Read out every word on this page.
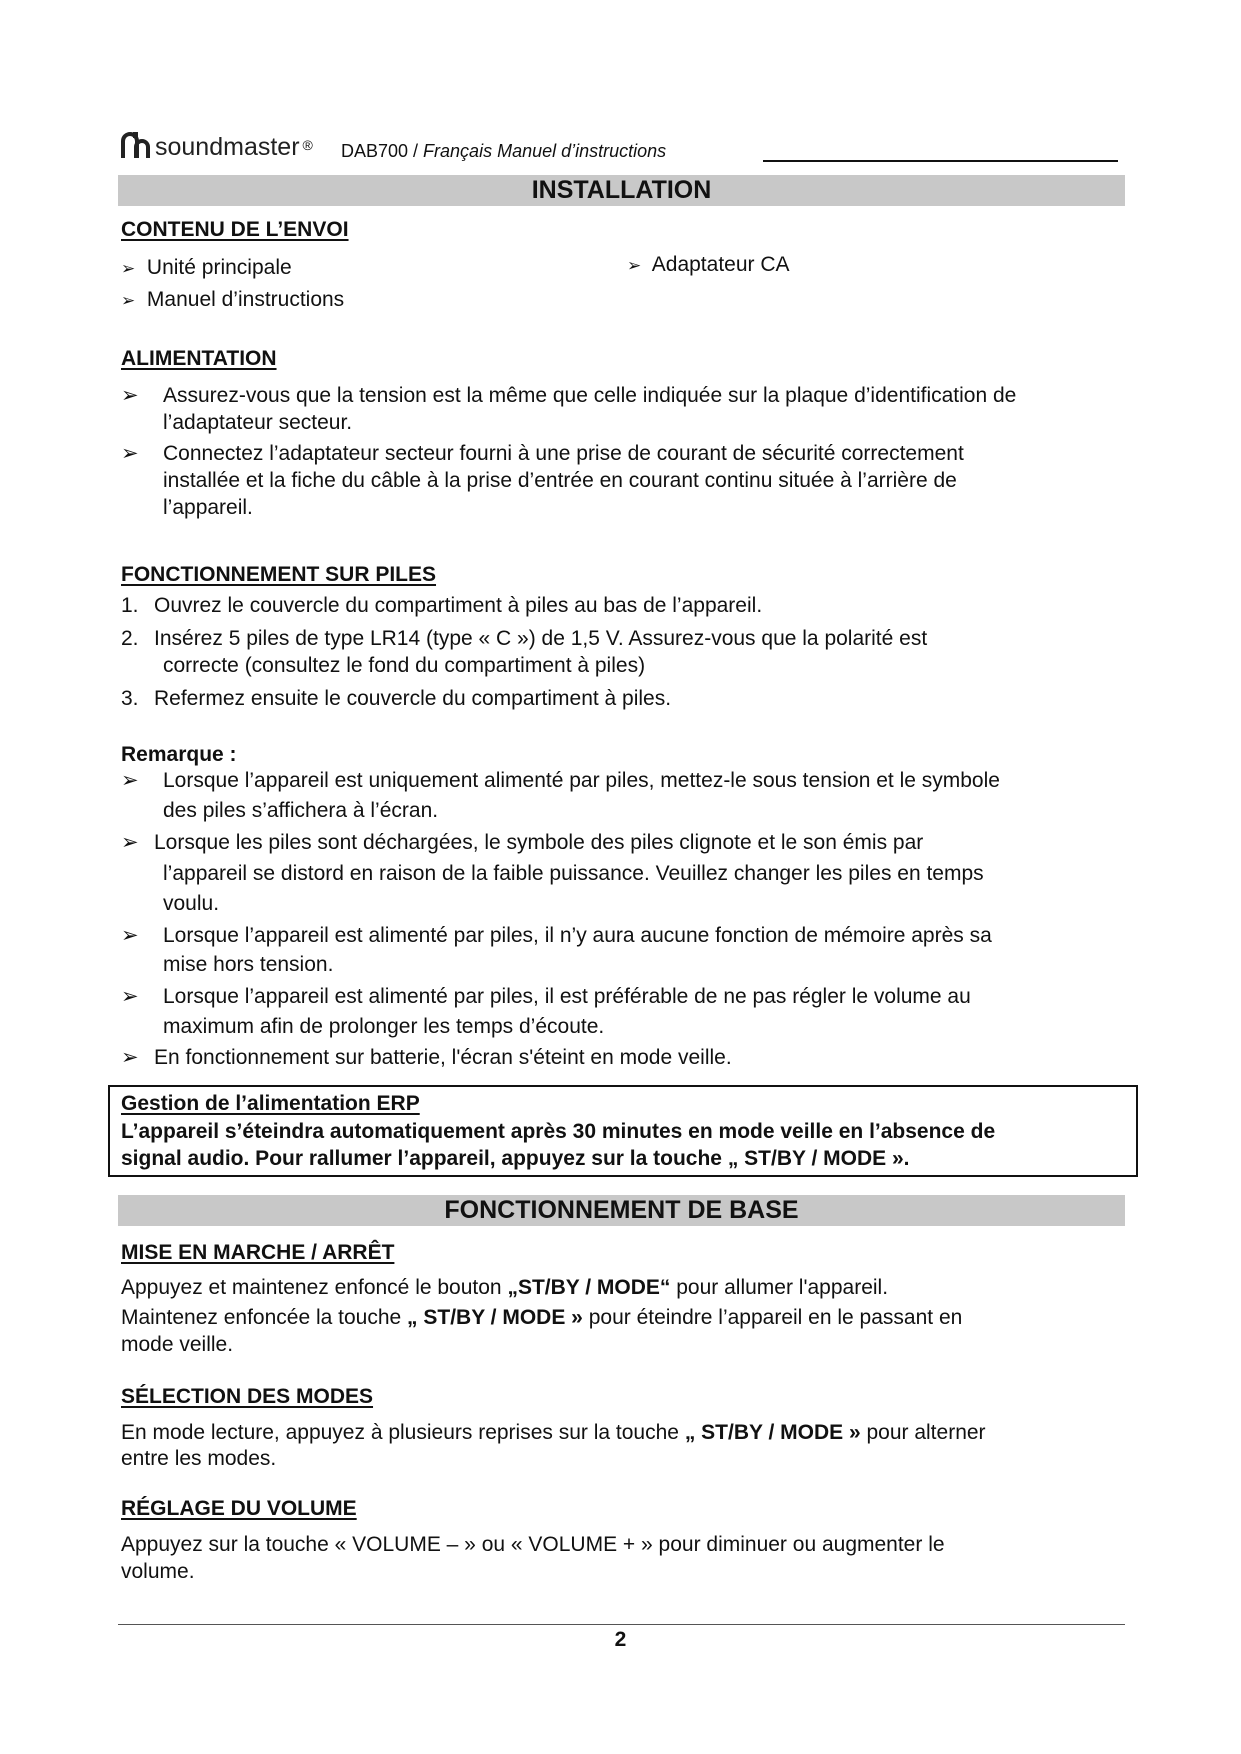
soundmaster ® DAB700 / Français Manuel d’instructions
INSTALLATION
CONTENU DE L’ENVOI
➢ Unité principale
➢ Manuel d’instructions
➢ Adaptateur CA
ALIMENTATION
➢ Assurez-vous que la tension est la même que celle indiquée sur la plaque d’identification de
l’adaptateur secteur.
➢ Connectez l’adaptateur secteur fourni à une prise de courant de sécurité correctement
installée et la fiche du câble à la prise d’entrée en courant continu située à l’arrière de
l’appareil.
FONCTIONNEMENT SUR PILES
1. Ouvrez le couvercle du compartiment à piles au bas de l’appareil.
2. Insérez 5 piles de type LR14 (type « C ») de 1,5 V. Assurez-vous que la polarité est
correcte (consultez le fond du compartiment à piles)
3. Refermez ensuite le couvercle du compartiment à piles.
Remarque :
➢ Lorsque l’appareil est uniquement alimenté par piles, mettez-le sous tension et le symbole
des piles s’affichera à l’écran.
➢ Lorsque les piles sont déchargées, le symbole des piles clignote et le son émis par
l’appareil se distord en raison de la faible puissance. Veuillez changer les piles en temps
voulu.
➢ Lorsque l’appareil est alimenté par piles, il n’y aura aucune fonction de mémoire après sa
mise hors tension.
➢ Lorsque l’appareil est alimenté par piles, il est préférable de ne pas régler le volume au
maximum afin de prolonger les temps d’écoute.
➢ En fonctionnement sur batterie, l'écran s'éteint en mode veille.
Gestion de l’alimentation ERP
L’appareil s’éteindra automatiquement après 30 minutes en mode veille en l’absence de
signal audio. Pour rallumer l’appareil, appuyez sur la touche „ ST/BY / MODE ».
FONCTIONNEMENT DE BASE
MISE EN MARCHE / ARRÊT
Appuyez et maintenez enfoncé le bouton „ST/BY / MODE“ pour allumer l'appareil.
Maintenez enfoncée la touche „ ST/BY / MODE » pour éteindre l’appareil en le passant en
mode veille.
SÉLECTION DES MODES
En mode lecture, appuyez à plusieurs reprises sur la touche „ ST/BY / MODE » pour alterner
entre les modes.
RÉGLAGE DU VOLUME
Appuyez sur la touche « VOLUME – » ou « VOLUME + » pour diminuer ou augmenter le
volume.
2
